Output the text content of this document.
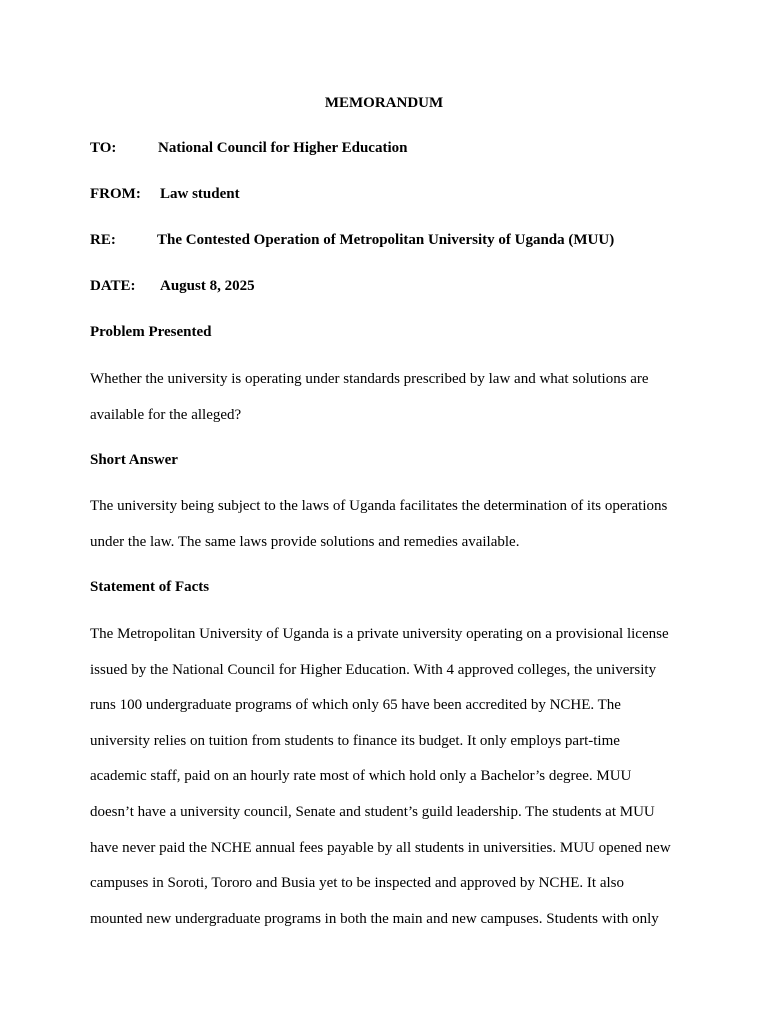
MEMORANDUM
TO:	National Council for Higher Education
FROM: Law student
RE:	The Contested Operation of Metropolitan University of Uganda (MUU)
DATE: August 8, 2025
Problem Presented
Whether the university is operating under standards prescribed by law and what solutions are
available for the alleged?
Short Answer
The university being subject to the laws of Uganda facilitates the determination of its operations
under the law. The same laws provide solutions and remedies available.
Statement of Facts
The Metropolitan University of Uganda is a private university operating on a provisional license
issued by the National Council for Higher Education. With 4 approved colleges, the university
runs 100 undergraduate programs of which only 65 have been accredited by NCHE. The
university relies on tuition from students to finance its budget. It only employs part-time
academic staff, paid on an hourly rate most of which hold only a Bachelor’s degree. MUU
doesn’t have a university council, Senate and student’s guild leadership. The students at MUU
have never paid the NCHE annual fees payable by all students in universities. MUU opened new
campuses in Soroti, Tororo and Busia yet to be inspected and approved by NCHE. It also
mounted new undergraduate programs in both the main and new campuses. Students with only
